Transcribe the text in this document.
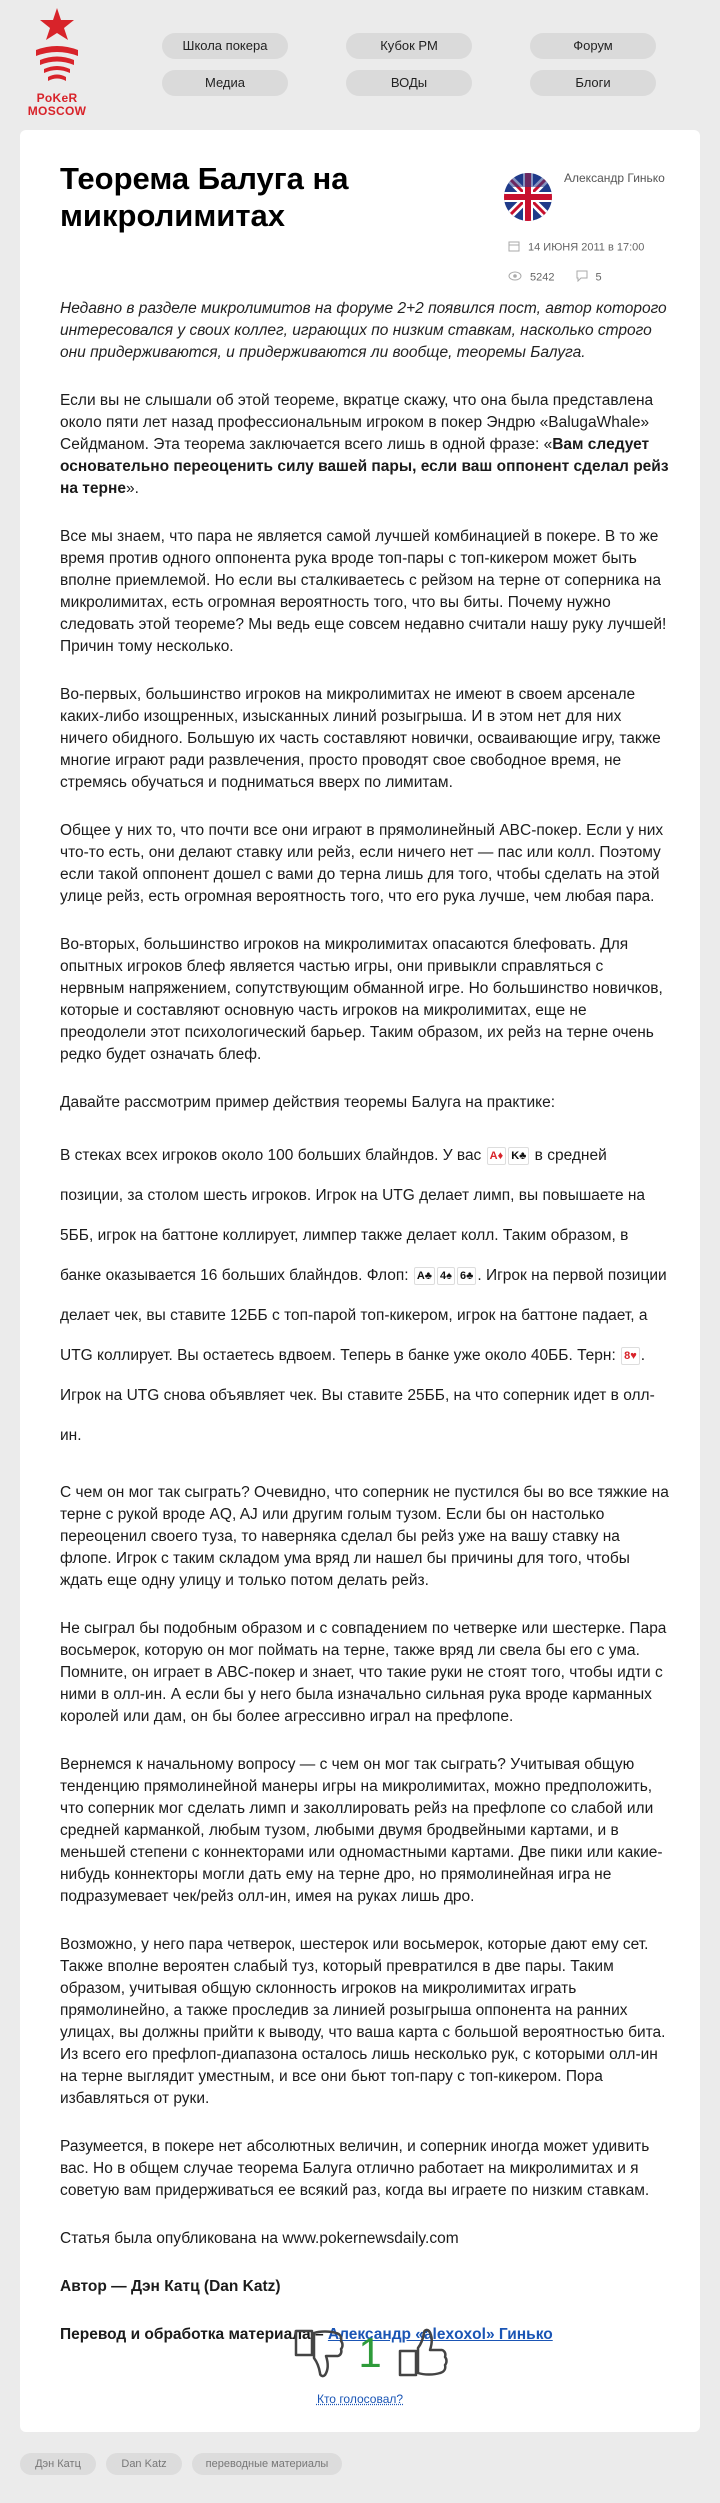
PoKeR
MOSCOW
Школа покера	Кубок РМ	Форум
Медиа	ВОДы	Блоги
Теорема Балуга на микролимитах
Александр Гинько
14 ИЮНЯ 2011 в 17:00
5242	5

Недавно в разделе микролимитов на форуме 2+2 появился пост, автор которого интересовался у своих коллег, играющих по низким ставкам, насколько строго они придерживаются, и придерживаются ли вообще, теоремы Балуга.

Если вы не слышали об этой теореме, вкратце скажу, что она была представлена около пяти лет назад профессиональным игроком в покер Эндрю «BalugaWhale» Сейдманом. Эта теорема заключается всего лишь в одной фразе: «Вам следует основательно переоценить силу вашей пары, если ваш оппонент сделал рейз на терне».

Все мы знаем, что пара не является самой лучшей комбинацией в покере. В то же время против одного оппонента рука вроде топ-пары с топ-кикером может быть вполне приемлемой. Но если вы сталкиваетесь с рейзом на терне от соперника на микролимитах, есть огромная вероятность того, что вы биты. Почему нужно следовать этой теореме? Мы ведь еще совсем недавно считали нашу руку лучшей! Причин тому несколько.

Во-первых, большинство игроков на микролимитах не имеют в своем арсенале каких-либо изощренных, изысканных линий розыгрыша. И в этом нет для них ничего обидного. Большую их часть составляют новички, осваивающие игру, также многие играют ради развлечения, просто проводят свое свободное время, не стремясь обучаться и подниматься вверх по лимитам.

Общее у них то, что почти все они играют в прямолинейный ABC-покер. Если у них что-то есть, они делают ставку или рейз, если ничего нет — пас или колл. Поэтому если такой оппонент дошел с вами до терна лишь для того, чтобы сделать на этой улице рейз, есть огромная вероятность того, что его рука лучше, чем любая пара.

Во-вторых, большинство игроков на микролимитах опасаются блефовать. Для опытных игроков блеф является частью игры, они привыкли справляться с нервным напряжением, сопутствующим обманной игре. Но большинство новичков, которые и составляют основную часть игроков на микролимитах, еще не преодолели этот психологический барьер. Таким образом, их рейз на терне очень редко будет означать блеф.

Давайте рассмотрим пример действия теоремы Балуга на практике:

В стеках всех игроков около 100 больших блайндов. У вас A♦ K♣ в средней позиции, за столом шесть игроков. Игрок на UTG делает лимп, вы повышаете на 5ББ, игрок на баттоне коллирует, лимпер также делает колл. Таким образом, в банке оказывается 16 больших блайндов. Флоп: A♣ 4♠ 6♣ . Игрок на первой позиции делает чек, вы ставите 12ББ с топ-парой топ-кикером, игрок на баттоне падает, а UTG коллирует. Вы остаетесь вдвоем. Теперь в банке уже около 40ББ. Терн: 8♥ . Игрок на UTG снова объявляет чек. Вы ставите 25ББ, на что соперник идет в олл-ин.

С чем он мог так сыграть? Очевидно, что соперник не пустился бы во все тяжкие на терне с рукой вроде AQ, AJ или другим голым тузом. Если бы он настолько переоценил своего туза, то наверняка сделал бы рейз уже на вашу ставку на флопе. Игрок с таким складом ума вряд ли нашел бы причины для того, чтобы ждать еще одну улицу и только потом делать рейз.

Не сыграл бы подобным образом и с совпадением по четверке или шестерке. Пара восьмерок, которую он мог поймать на терне, также вряд ли свела бы его с ума. Помните, он играет в ABC-покер и знает, что такие руки не стоят того, чтобы идти с ними в олл-ин. А если бы у него была изначально сильная рука вроде карманных королей или дам, он бы более агрессивно играл на префлопе.

Вернемся к начальному вопросу — с чем он мог так сыграть? Учитывая общую тенденцию прямолинейной манеры игры на микролимитах, можно предположить, что соперник мог сделать лимп и заколлировать рейз на префлопе со слабой или средней карманкой, любым тузом, любыми двумя бродвейными картами, и в меньшей степени с коннекторами или одномастными картами. Две пики или какие-нибудь коннекторы могли дать ему на терне дро, но прямолинейная игра не подразумевает чек/рейз олл-ин, имея на руках лишь дро.

Возможно, у него пара четверок, шестерок или восьмерок, которые дают ему сет. Также вполне вероятен слабый туз, который превратился в две пары. Таким образом, учитывая общую склонность игроков на микролимитах играть прямолинейно, а также проследив за линией розыгрыша оппонента на ранних улицах, вы должны прийти к выводу, что ваша карта с большой вероятностью бита. Из всего его префлоп-диапазона осталось лишь несколько рук, с которыми олл-ин на терне выглядит уместным, и все они бьют топ-пару с топ-кикером. Пора избавляться от руки.

Разумеется, в покере нет абсолютных величин, и соперник иногда может удивить вас. Но в общем случае теорема Балуга отлично работает на микролимитах и я советую вам придерживаться ее всякий раз, когда вы играете по низким ставкам.

Статья была опубликована на www.pokernewsdaily.com

Автор — Дэн Катц (Dan Katz)

Перевод и обработка материала – Александр «alexoxol» Гинько

1
Кто голосовал?
Дэн Катц	Dan Katz	переводные материалы
